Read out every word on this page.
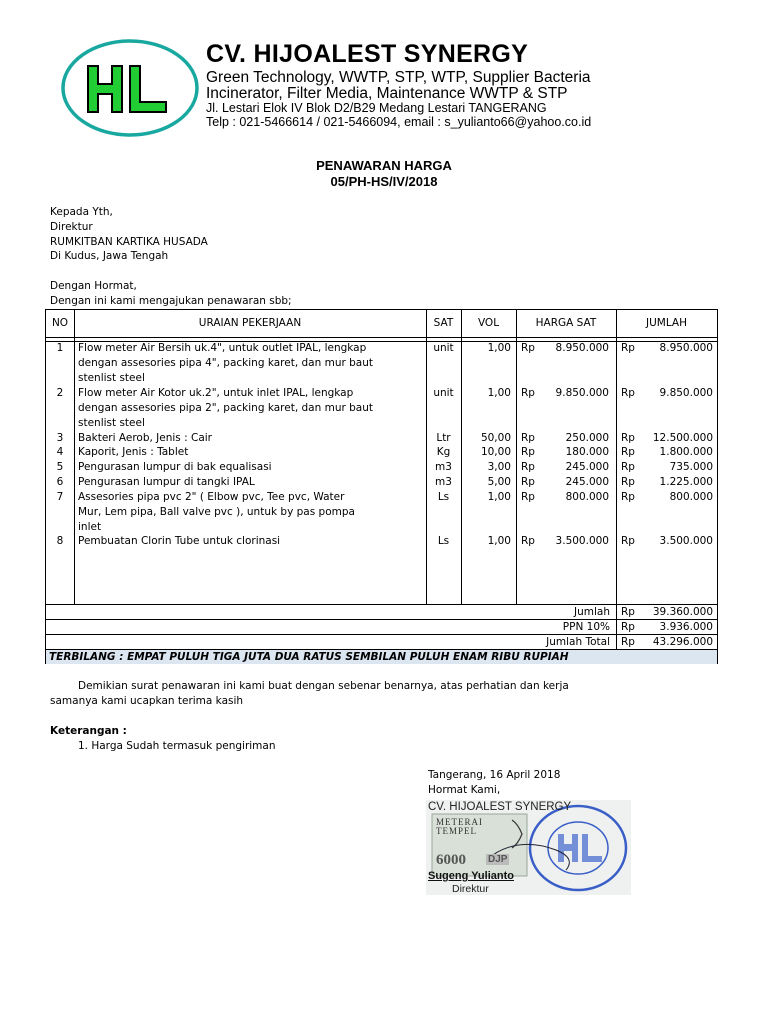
CV. HIJOALEST SYNERGY
Green Technology, WWTP, STP, WTP, Supplier Bacteria
Incinerator, Filter Media, Maintenance WWTP & STP
Jl. Lestari Elok IV Blok D2/B29 Medang Lestari TANGERANG
Telp : 021-5466614 / 021-5466094, email : s_yulianto66@yahoo.co.id
PENAWARAN HARGA
05/PH-HS/IV/2018
Kepada Yth,
Direktur
RUMKITBAN KARTIKA HUSADA
Di Kudus, Jawa Tengah
Dengan Hormat,
Dengan ini kami mengajukan penawaran sbb;
NO	URAIAN PEKERJAAN	SAT	VOL	HARGA SAT	JUMLAH
1	Flow meter Air Bersih uk.4", untuk outlet IPAL, lengkap
dengan assesories pipa 4", packing karet, dan mur baut
stenlist steel
unit	1,00 Rp	8.950.000 Rp	8.950.000
2	Flow meter Air Kotor uk.2", untuk inlet IPAL, lengkap
dengan assesories pipa 2", packing karet, dan mur baut
stenlist steel
unit	1,00 Rp	9.850.000 Rp	9.850.000
3	Bakteri Aerob, Jenis : Cair	Ltr	50,00 Rp	250.000 Rp	12.500.000
4	Kaporit, Jenis : Tablet	Kg	10,00 Rp	180.000 Rp	1.800.000
5	Pengurasan lumpur di bak equalisasi	m3	3,00 Rp	245.000 Rp	735.000
6	Pengurasan lumpur di tangki IPAL	m3	5,00 Rp	245.000 Rp	1.225.000
7	Assesories pipa pvc 2" ( Elbow pvc, Tee pvc, Water
Mur, Lem pipa, Ball valve pvc ), untuk by pas pompa
inlet
Ls	1,00 Rp	800.000 Rp	800.000
8	Pembuatan Clorin Tube untuk clorinasi	Ls	1,00 Rp	3.500.000 Rp	3.500.000
Jumlah Rp	39.360.000
PPN 10% Rp	3.936.000
Jumlah Total Rp	43.296.000
TERBILANG : EMPAT PULUH TIGA JUTA DUA RATUS SEMBILAN PULUH ENAM RIBU RUPIAH
Demikian surat penawaran ini kami buat dengan sebenar benarnya, atas perhatian dan kerja
samanya kami ucapkan terima kasih
Keterangan :
1. Harga Sudah termasuk pengiriman
Tangerang, 16 April 2018
Hormat Kami,
CV. HIJOALEST SYNERGY
METERAI TEMPEL
6000 DJP
Sugeng Yulianto
Direktur
